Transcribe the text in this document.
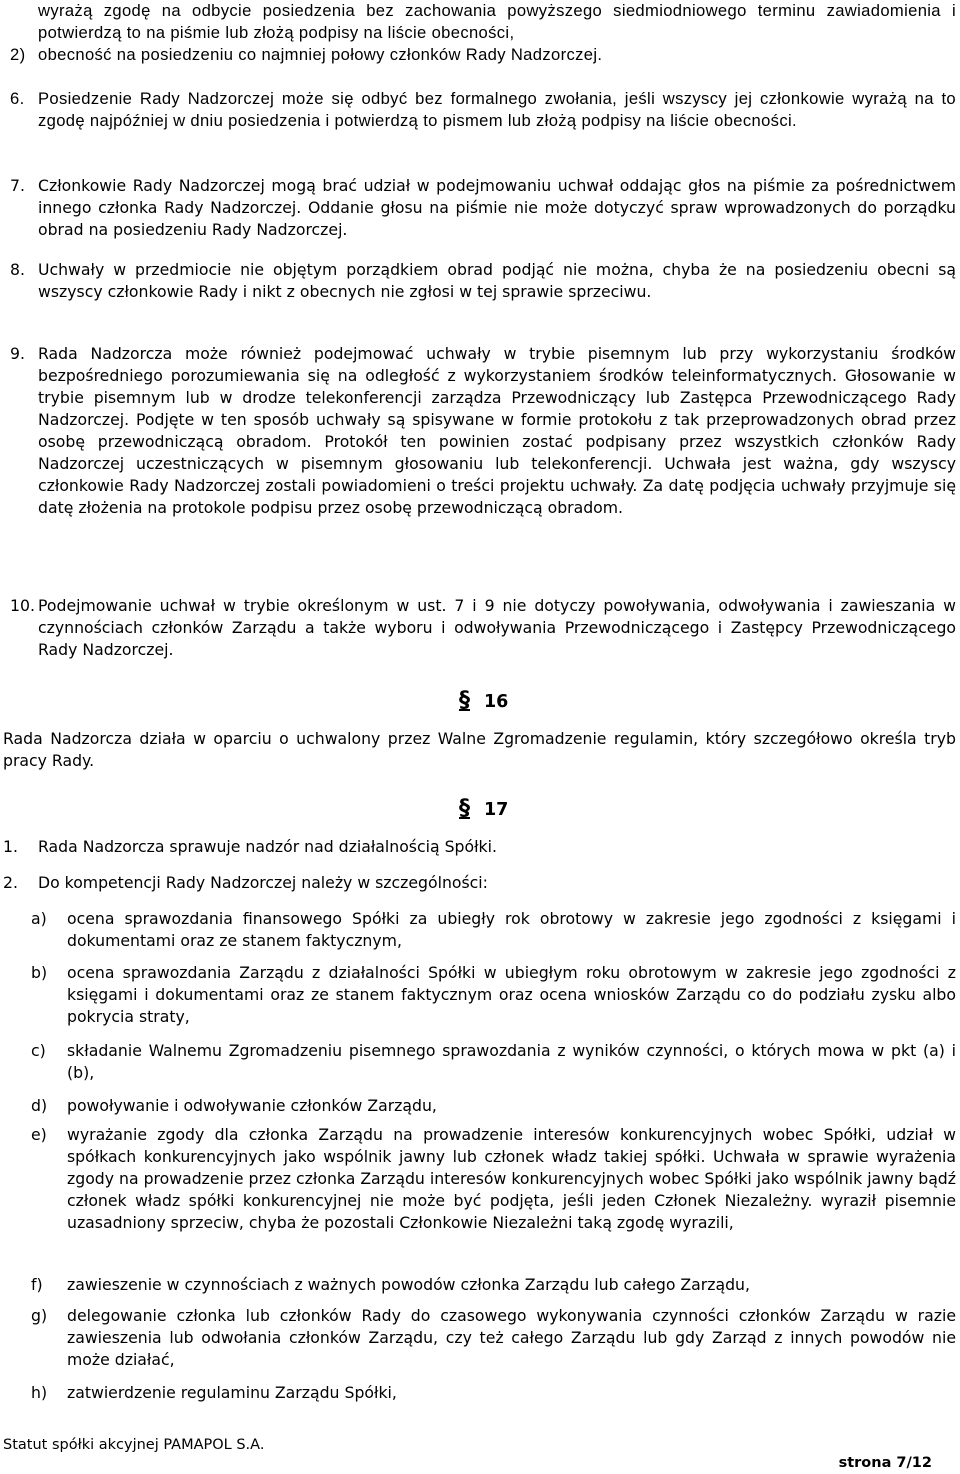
wyrażą zgodę na odbycie posiedzenia bez zachowania powyższego siedmiodniowego terminu zawiadomienia i potwierdzą to na piśmie lub złożą podpisy na liście obecności,
2) obecność na posiedzeniu co najmniej połowy członków Rady Nadzorczej.
6. Posiedzenie Rady Nadzorczej może się odbyć bez formalnego zwołania, jeśli wszyscy jej członkowie wyrażą na to zgodę najpóźniej w dniu posiedzenia i potwierdzą to pismem lub złożą podpisy na liście obecności.
7. Członkowie Rady Nadzorczej mogą brać udział w podejmowaniu uchwał oddając głos na piśmie za pośrednictwem innego członka Rady Nadzorczej. Oddanie głosu na piśmie nie może dotyczyć spraw wprowadzonych do porządku obrad na posiedzeniu Rady Nadzorczej.
8. Uchwały w przedmiocie nie objętym porządkiem obrad podjąć nie można, chyba że na posiedzeniu obecni są wszyscy członkowie Rady i nikt z obecnych nie zgłosi w tej sprawie sprzeciwu.
9. Rada Nadzorcza może również podejmować uchwały w trybie pisemnym lub przy wykorzystaniu środków bezpośredniego porozumiewania się na odległość z wykorzystaniem środków teleinformatycznych. Głosowanie w trybie pisemnym lub w drodze telekonferencji zarządza Przewodniczący lub Zastępca Przewodniczącego Rady Nadzorczej. Podjęte w ten sposób uchwały są spisywane w formie protokołu z tak przeprowadzonych obrad przez osobę przewodniczącą obradom. Protokół ten powinien zostać podpisany przez wszystkich członków Rady Nadzorczej uczestniczących w pisemnym głosowaniu lub telekonferencji. Uchwała jest ważna, gdy wszyscy członkowie Rady Nadzorczej zostali powiadomieni o treści projektu uchwały. Za datę podjęcia uchwały przyjmuje się datę złożenia na protokole podpisu przez osobę przewodniczącą obradom.
10. Podejmowanie uchwał w trybie określonym w ust. 7 i 9 nie dotyczy powoływania, odwoływania i zawieszania w czynnościach członków Zarządu a także wyboru i odwoływania Przewodniczącego i Zastępcy Przewodniczącego Rady Nadzorczej.
§ 16
Rada Nadzorcza działa w oparciu o uchwalony przez Walne Zgromadzenie regulamin, który szczegółowo określa tryb pracy Rady.
§ 17
1.	Rada Nadzorcza sprawuje nadzór nad działalnością Spółki.
2.	Do kompetencji Rady Nadzorczej należy w szczególności:
a)	ocena sprawozdania finansowego Spółki za ubiegły rok obrotowy w zakresie jego zgodności z księgami i dokumentami oraz ze stanem faktycznym,
b)	ocena sprawozdania Zarządu z działalności Spółki w ubiegłym roku obrotowym w zakresie jego zgodności z księgami i dokumentami oraz ze stanem faktycznym oraz ocena wniosków Zarządu co do podziału zysku albo pokrycia straty,
c)	składanie Walnemu Zgromadzeniu pisemnego sprawozdania z wyników czynności, o których mowa w pkt (a) i (b),
d)	powoływanie i odwoływanie członków Zarządu,
e)	wyrażanie zgody dla członka Zarządu na prowadzenie interesów konkurencyjnych wobec Spółki, udział w spółkach konkurencyjnych jako wspólnik jawny lub członek władz takiej spółki. Uchwała w sprawie wyrażenia zgody na prowadzenie przez członka Zarządu interesów konkurencyjnych wobec Spółki jako wspólnik jawny bądź członek władz spółki konkurencyjnej nie może być podjęta, jeśli jeden Członek Niezależny. wyraził pisemnie uzasadniony sprzeciw, chyba że pozostali Członkowie Niezależni taką zgodę wyrazili,
f)	zawieszenie w czynnościach z ważnych powodów członka Zarządu lub całego Zarządu,
g)	delegowanie członka lub członków Rady do czasowego wykonywania czynności członków Zarządu w razie zawieszenia lub odwołania członków Zarządu, czy też całego Zarządu lub gdy Zarząd z innych powodów nie może działać,
h)	zatwierdzenie regulaminu Zarządu Spółki,
Statut spółki akcyjnej PAMAPOL S.A.
strona 7/12
